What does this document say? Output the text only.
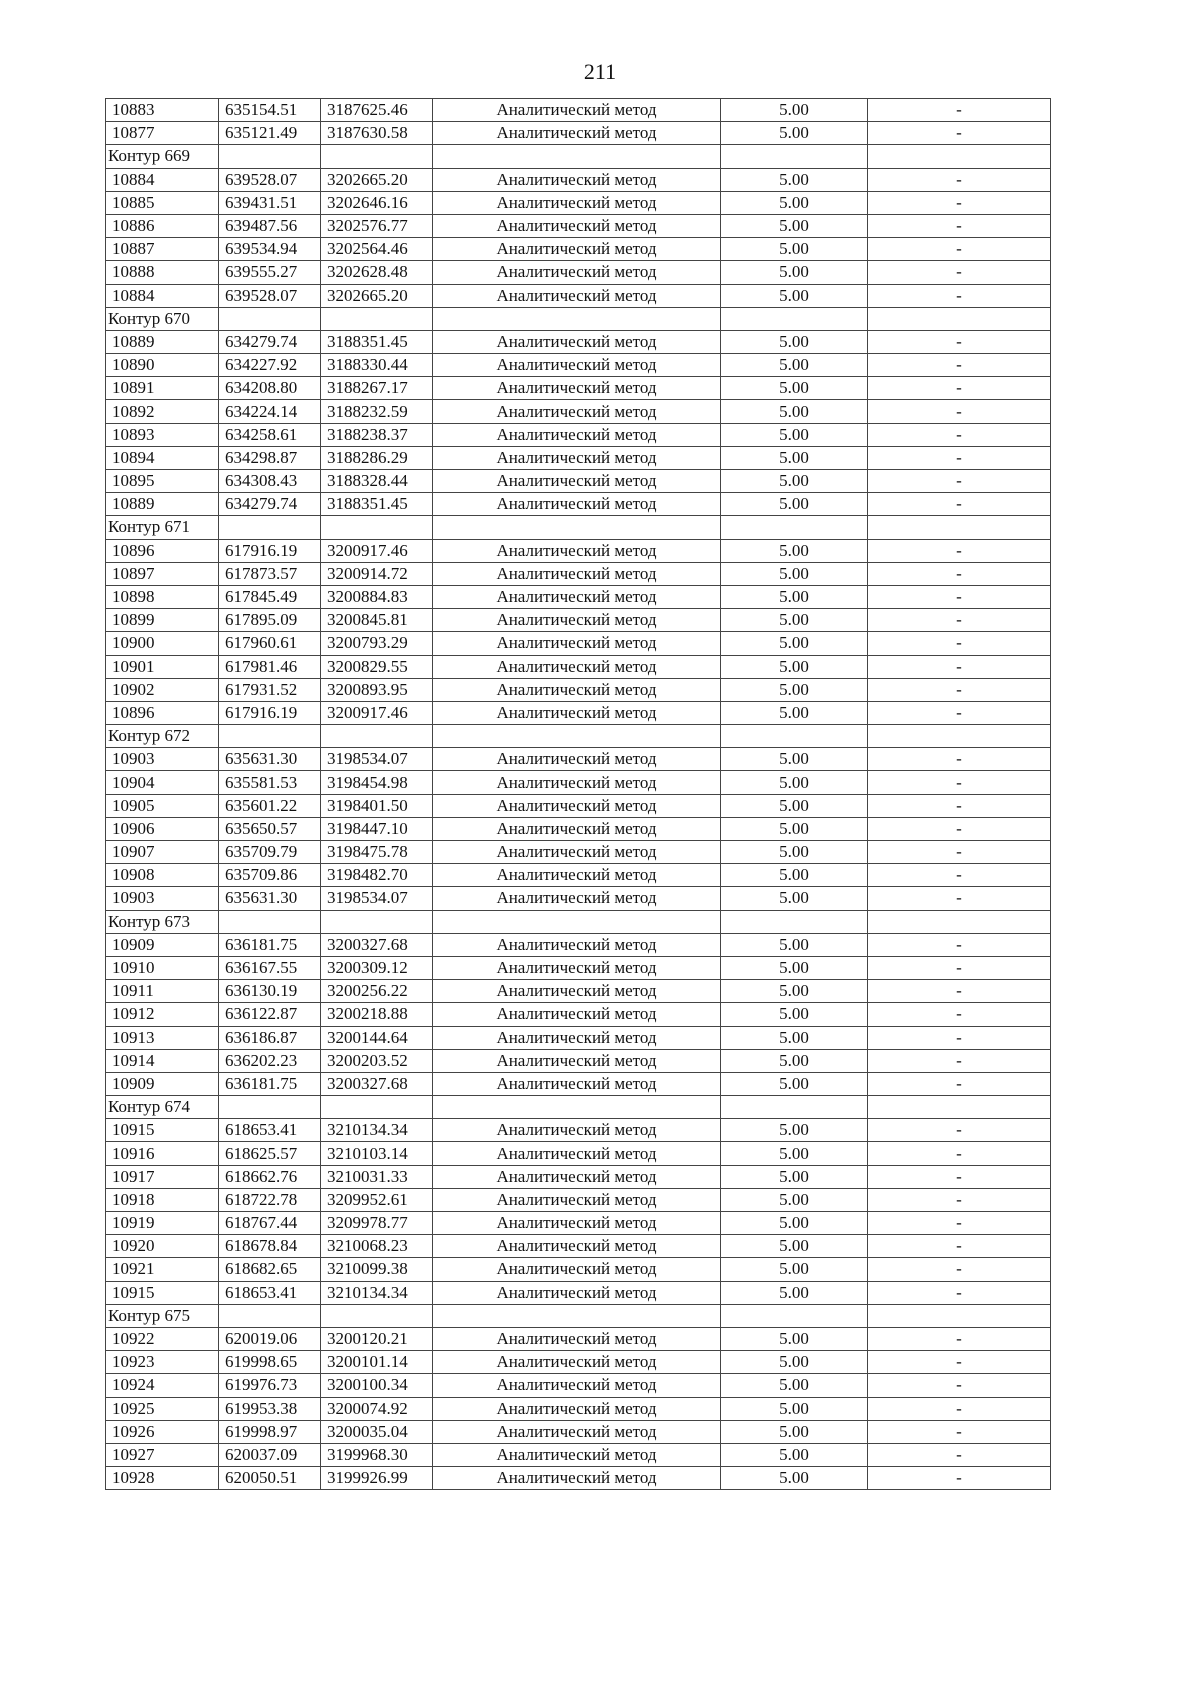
211
10883	635154.51	3187625.46	Аналитический метод	5.00	-
10877	635121.49	3187630.58	Аналитический метод	5.00	-
Контур 669					
10884	639528.07	3202665.20	Аналитический метод	5.00	-
10885	639431.51	3202646.16	Аналитический метод	5.00	-
10886	639487.56	3202576.77	Аналитический метод	5.00	-
10887	639534.94	3202564.46	Аналитический метод	5.00	-
10888	639555.27	3202628.48	Аналитический метод	5.00	-
10884	639528.07	3202665.20	Аналитический метод	5.00	-
Контур 670					
10889	634279.74	3188351.45	Аналитический метод	5.00	-
10890	634227.92	3188330.44	Аналитический метод	5.00	-
10891	634208.80	3188267.17	Аналитический метод	5.00	-
10892	634224.14	3188232.59	Аналитический метод	5.00	-
10893	634258.61	3188238.37	Аналитический метод	5.00	-
10894	634298.87	3188286.29	Аналитический метод	5.00	-
10895	634308.43	3188328.44	Аналитический метод	5.00	-
10889	634279.74	3188351.45	Аналитический метод	5.00	-
Контур 671					
10896	617916.19	3200917.46	Аналитический метод	5.00	-
10897	617873.57	3200914.72	Аналитический метод	5.00	-
10898	617845.49	3200884.83	Аналитический метод	5.00	-
10899	617895.09	3200845.81	Аналитический метод	5.00	-
10900	617960.61	3200793.29	Аналитический метод	5.00	-
10901	617981.46	3200829.55	Аналитический метод	5.00	-
10902	617931.52	3200893.95	Аналитический метод	5.00	-
10896	617916.19	3200917.46	Аналитический метод	5.00	-
Контур 672					
10903	635631.30	3198534.07	Аналитический метод	5.00	-
10904	635581.53	3198454.98	Аналитический метод	5.00	-
10905	635601.22	3198401.50	Аналитический метод	5.00	-
10906	635650.57	3198447.10	Аналитический метод	5.00	-
10907	635709.79	3198475.78	Аналитический метод	5.00	-
10908	635709.86	3198482.70	Аналитический метод	5.00	-
10903	635631.30	3198534.07	Аналитический метод	5.00	-
Контур 673					
10909	636181.75	3200327.68	Аналитический метод	5.00	-
10910	636167.55	3200309.12	Аналитический метод	5.00	-
10911	636130.19	3200256.22	Аналитический метод	5.00	-
10912	636122.87	3200218.88	Аналитический метод	5.00	-
10913	636186.87	3200144.64	Аналитический метод	5.00	-
10914	636202.23	3200203.52	Аналитический метод	5.00	-
10909	636181.75	3200327.68	Аналитический метод	5.00	-
Контур 674					
10915	618653.41	3210134.34	Аналитический метод	5.00	-
10916	618625.57	3210103.14	Аналитический метод	5.00	-
10917	618662.76	3210031.33	Аналитический метод	5.00	-
10918	618722.78	3209952.61	Аналитический метод	5.00	-
10919	618767.44	3209978.77	Аналитический метод	5.00	-
10920	618678.84	3210068.23	Аналитический метод	5.00	-
10921	618682.65	3210099.38	Аналитический метод	5.00	-
10915	618653.41	3210134.34	Аналитический метод	5.00	-
Контур 675					
10922	620019.06	3200120.21	Аналитический метод	5.00	-
10923	619998.65	3200101.14	Аналитический метод	5.00	-
10924	619976.73	3200100.34	Аналитический метод	5.00	-
10925	619953.38	3200074.92	Аналитический метод	5.00	-
10926	619998.97	3200035.04	Аналитический метод	5.00	-
10927	620037.09	3199968.30	Аналитический метод	5.00	-
10928	620050.51	3199926.99	Аналитический метод	5.00	-
